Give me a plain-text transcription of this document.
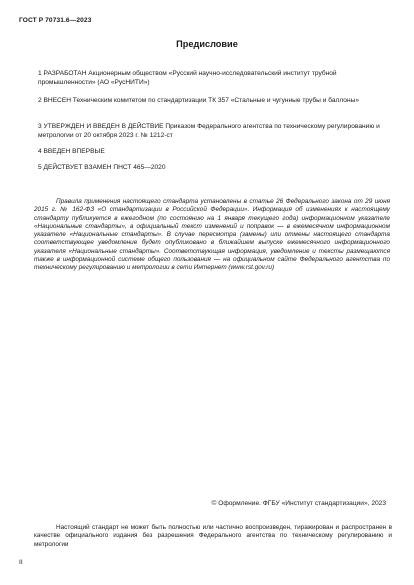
ГОСТ Р 70731.6—2023
Предисловие

1 РАЗРАБОТАН Акционерным обществом «Русский научно-исследовательский институт трубной промышленности» (АО «РусНИТИ»)

2 ВНЕСЕН Техническим комитетом по стандартизации ТК 357 «Стальные и чугунные трубы и баллоны»

3 УТВЕРЖДЕН И ВВЕДЕН В ДЕЙСТВИЕ Приказом Федерального агентства по техническому регулированию и метрологии от 20 октября 2023 г. № 1212-ст

4 ВВЕДЕН ВПЕРВЫЕ

5 ДЕЙСТВУЕТ ВЗАМЕН ПНСТ 465—2020

Правила применения настоящего стандарта установлены в статье 26 Федерального закона от 29 июня 2015 г. № 162-ФЗ «О стандартизации в Российской Федерации». Информация об изменениях к настоящему стандарту публикуется в ежегодном (по состоянию на 1 января текущего года) информационном указателе «Национальные стандарты», а официальный текст изменений и поправок — в ежемесячном информационном указателе «Национальные стандарты». В случае пересмотра (замены) или отмены настоящего стандарта соответствующее уведомление будет опубликовано в ближайшем выпуске ежемесячного информационного указателя «Национальные стандарты». Соответствующая информация, уведомление и тексты размещаются также в информационной системе общего пользования — на официальном сайте Федерального агентства по техническому регулированию и метрологии в сети Интернет (www.rst.gov.ru)

© Оформление. ФГБУ «Институт стандартизации», 2023

Настоящий стандарт не может быть полностью или частично воспроизведен, тиражирован и распространен в качестве официального издания без разрешения Федерального агентства по техническому регулированию и метрологии

II
